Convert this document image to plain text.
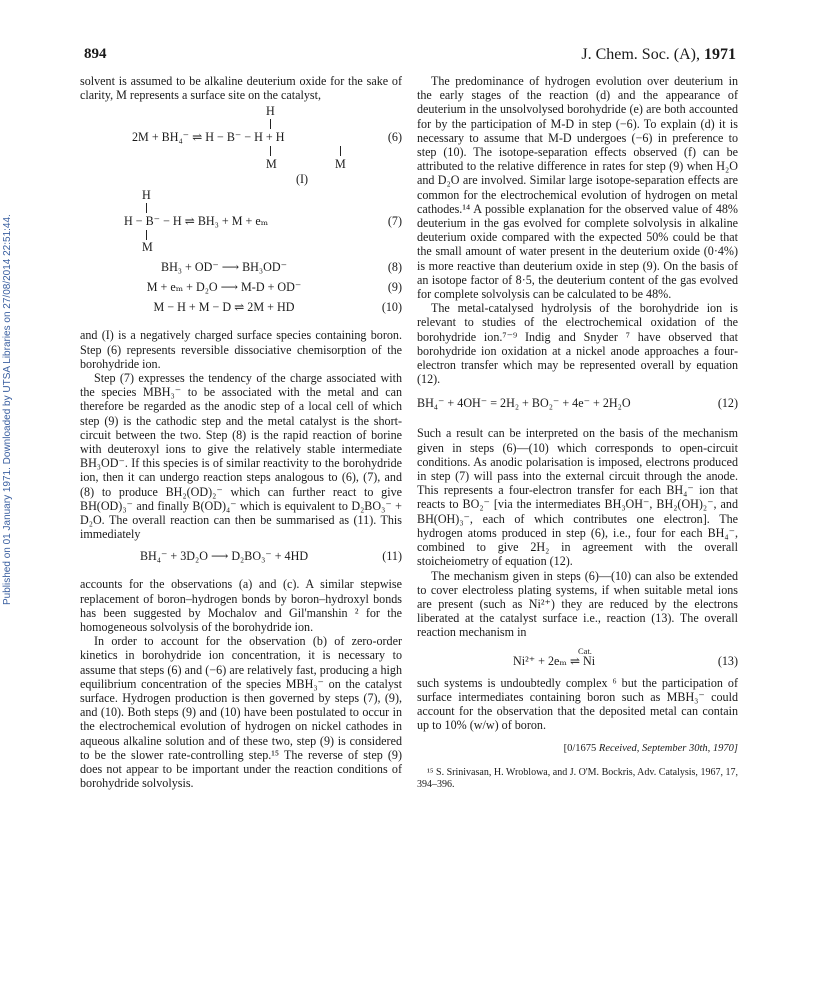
894	J. Chem. Soc. (A), 1971
Published on 01 January 1971. Downloaded by UTSA Libraries on 27/08/2014 22:51:44.

solvent is assumed to be alkaline deuterium oxide for the sake of clarity, M represents a surface site on the catalyst,

H
2M + BH₄⁻ ⇌ H − B⁻ − H + H	(6)
M	M
(I)
H
H − B⁻ − H ⇌ BH₃ + M + eₘ	(7)
M
BH₃ + OD⁻ ⟶ BH₃OD⁻	(8)
M + eₘ + D₂O ⟶ M-D + OD⁻	(9)
M − H + M − D ⇌ 2M + HD	(10)

and (I) is a negatively charged surface species containing boron. Step (6) represents reversible dissociative chemisorption of the borohydride ion.

Step (7) expresses the tendency of the charge associated with the species MBH₃⁻ to be associated with the metal and can therefore be regarded as the anodic step of a local cell of which step (9) is the cathodic step and the metal catalyst is the short-circuit between the two. Step (8) is the rapid reaction of borine with deuteroxyl ions to give the relatively stable intermediate BH₃OD⁻. If this species is of similar reactivity to the borohydride ion, then it can undergo reaction steps analogous to (6), (7), and (8) to produce BH₂(OD)₂⁻ which can further react to give BH(OD)₃⁻ and finally B(OD)₄⁻ which is equivalent to D₂BO₃⁻ + D₂O. The overall reaction can then be summarised as (11). This immediately

BH₄⁻ + 3D₂O ⟶ D₂BO₃⁻ + 4HD	(11)

accounts for the observations (a) and (c). A similar stepwise replacement of boron–hydrogen bonds by boron–hydroxyl bonds has been suggested by Mochalov and Gil'manshin ² for the homogeneous solvolysis of the borohydride ion.

In order to account for the observation (b) of zero-order kinetics in borohydride ion concentration, it is necessary to assume that steps (6) and (−6) are relatively fast, producing a high equilibrium concentration of the species MBH₃⁻ on the catalyst surface. Hydrogen production is then governed by steps (7), (9), and (10). Both steps (9) and (10) have been postulated to occur in the electrochemical evolution of hydrogen on nickel cathodes in aqueous alkaline solution and of these two, step (9) is considered to be the slower rate-controlling step.¹⁵ The reverse of step (9) does not appear to be important under the reaction conditions of borohydride solvolysis.

The predominance of hydrogen evolution over deuterium in the early stages of the reaction (d) and the appearance of deuterium in the unsolvolysed borohydride (e) are both accounted for by the participation of M-D in step (−6). To explain (d) it is necessary to assume that M-D undergoes (−6) in preference to step (10). The isotope-separation effects observed (f) can be attributed to the relative difference in rates for step (9) when H₂O and D₂O are involved. Similar large isotope-separation effects are common for the electrochemical evolution of hydrogen on metal cathodes.¹⁴ A possible explanation for the observed value of 48% deuterium in the gas evolved for complete solvolysis in alkaline deuterium oxide compared with the expected 50% could be that the small amount of water present in the deuterium oxide (0·4%) is more reactive than deuterium oxide in step (9). On the basis of an isotope factor of 8·5, the deuterium content of the gas evolved for complete solvolysis can be calculated to be 48%.

The metal-catalysed hydrolysis of the borohydride ion is relevant to studies of the electrochemical oxidation of the borohydride ion.⁷⁻⁹ Indig and Snyder ⁷ have observed that borohydride ion oxidation at a nickel anode approaches a four-electron transfer which may be represented overall by equation (12).

BH₄⁻ + 4OH⁻ = 2H₂ + BO₂⁻ + 4e⁻ + 2H₂O	(12)

Such a result can be interpreted on the basis of the mechanism given in steps (6)—(10) which corresponds to open-circuit conditions. As anodic polarisation is imposed, electrons produced in step (7) will pass into the external circuit through the anode. This represents a four-electron transfer for each BH₄⁻ ion that reacts to BO₂⁻ [via the intermediates BH₃OH⁻, BH₂(OH)₂⁻, and BH(OH)₃⁻, each of which contributes one electron]. The hydrogen atoms produced in step (6), i.e., four for each BH₄⁻, combined to give 2H₂ in agreement with the overall stoicheiometry of equation (12).

The mechanism given in steps (6)—(10) can also be extended to cover electroless plating systems, if when suitable metal ions are present (such as Ni²⁺) they are reduced by the electrons liberated at the catalyst surface i.e., reaction (13). The overall reaction mechanism in

Cat.
Ni²⁺ + 2eₘ ⇌ Ni	(13)

such systems is undoubtedly complex ⁶ but the participation of surface intermediates containing boron such as MBH₃⁻ could account for the observation that the deposited metal can contain up to 10% (w/w) of boron.

[0/1675 Received, September 30th, 1970]

¹⁵ S. Srinivasan, H. Wroblowa, and J. O'M. Bockris, Adv. Catalysis, 1967, 17, 394–396.
